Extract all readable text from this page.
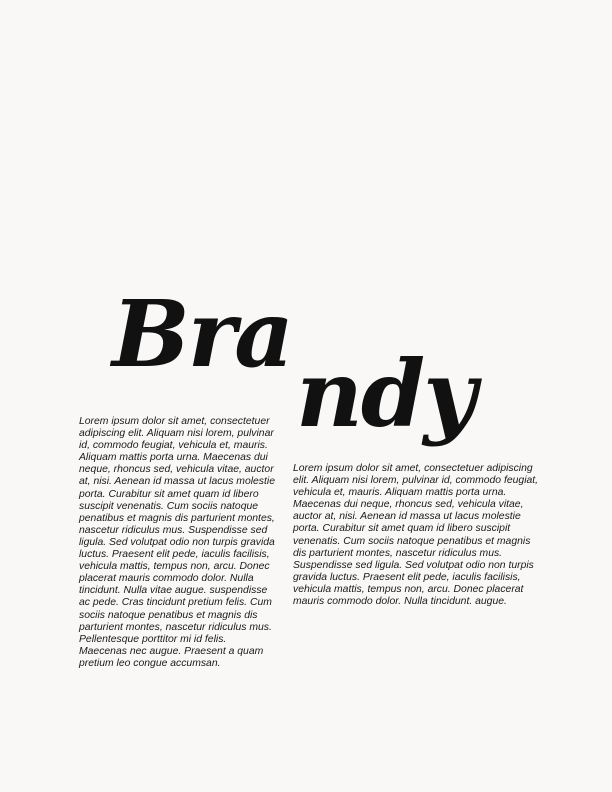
Bra
ndy
Lorem ipsum dolor sit amet, consectetuer
adipiscing elit. Aliquam nisi lorem, pulvinar
id, commodo feugiat, vehicula et, mauris.
Aliquam mattis porta urna. Maecenas dui
neque, rhoncus sed, vehicula vitae, auctor
at, nisi. Aenean id massa ut lacus molestie
porta. Curabitur sit amet quam id libero
suscipit venenatis. Cum sociis natoque
penatibus et magnis dis parturient montes,
nascetur ridiculus mus. Suspendisse sed
ligula. Sed volutpat odio non turpis gravida
luctus. Praesent elit pede, iaculis facilisis,
vehicula mattis, tempus non, arcu. Donec
placerat mauris commodo dolor. Nulla
tincidunt. Nulla vitae augue. suspendisse
ac pede. Cras tincidunt pretium felis. Cum
sociis natoque penatibus et magnis dis
parturient montes, nascetur ridiculus mus.
Pellentesque porttitor mi id felis.
Maecenas nec augue. Praesent a quam
pretium leo congue accumsan.
Lorem ipsum dolor sit amet, consectetuer adipiscing
elit. Aliquam nisi lorem, pulvinar id, commodo feugiat,
vehicula et, mauris. Aliquam mattis porta urna.
Maecenas dui neque, rhoncus sed, vehicula vitae,
auctor at, nisi. Aenean id massa ut lacus molestie
porta. Curabitur sit amet quam id libero suscipit
venenatis. Cum sociis natoque penatibus et magnis
dis parturient montes, nascetur ridiculus mus.
Suspendisse sed ligula. Sed volutpat odio non turpis
gravida luctus. Praesent elit pede, iaculis facilisis,
vehicula mattis, tempus non, arcu. Donec placerat
mauris commodo dolor. Nulla tincidunt. augue.
